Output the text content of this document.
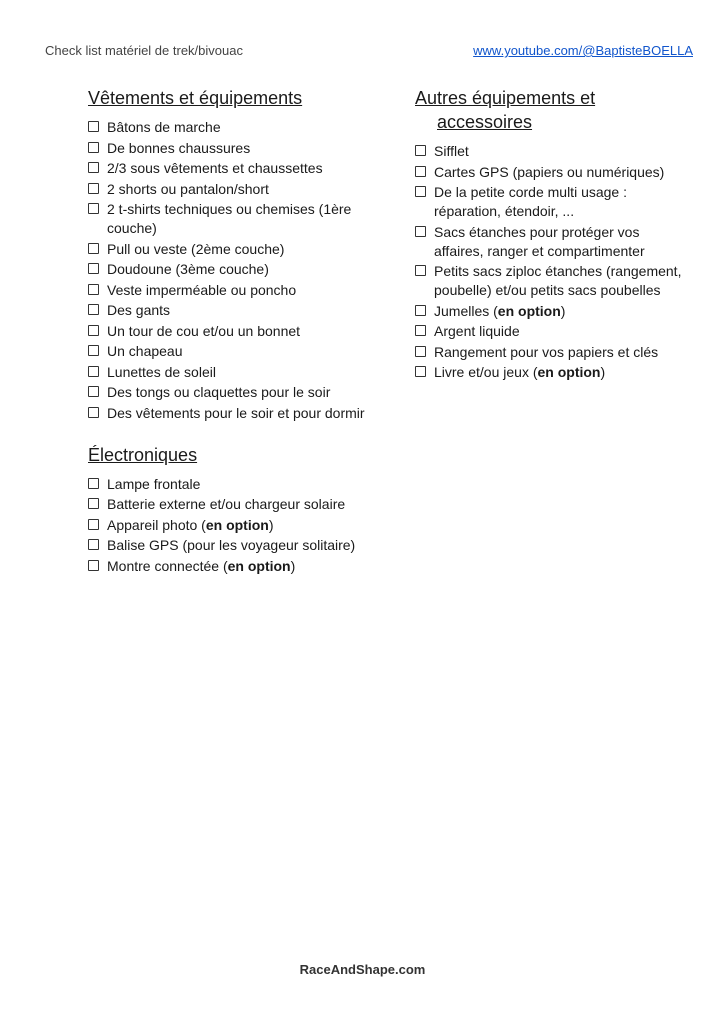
Check list matériel de trek/bivouac	www.youtube.com/@BaptisteBOELLA
Vêtements et équipements
Bâtons de marche
De bonnes chaussures
2/3 sous vêtements et chaussettes
2 shorts ou pantalon/short
2 t-shirts techniques ou chemises (1ère couche)
Pull ou veste (2ème couche)
Doudoune (3ème couche)
Veste imperméable ou poncho
Des gants
Un tour de cou et/ou un bonnet
Un chapeau
Lunettes de soleil
Des tongs ou claquettes pour le soir
Des vêtements pour le soir et pour dormir
Électroniques
Lampe frontale
Batterie externe et/ou chargeur solaire
Appareil photo (en option)
Balise GPS (pour les voyageur solitaire)
Montre connectée (en option)
Autres équipements et
accessoires
Sifflet
Cartes GPS (papiers ou numériques)
De la petite corde multi usage : réparation, étendoir, ...
Sacs étanches pour protéger vos affaires, ranger et compartimenter
Petits sacs ziploc étanches (rangement, poubelle) et/ou petits sacs poubelles
Jumelles (en option)
Argent liquide
Rangement pour vos papiers et clés
Livre et/ou jeux (en option)
RaceAndShape.com
